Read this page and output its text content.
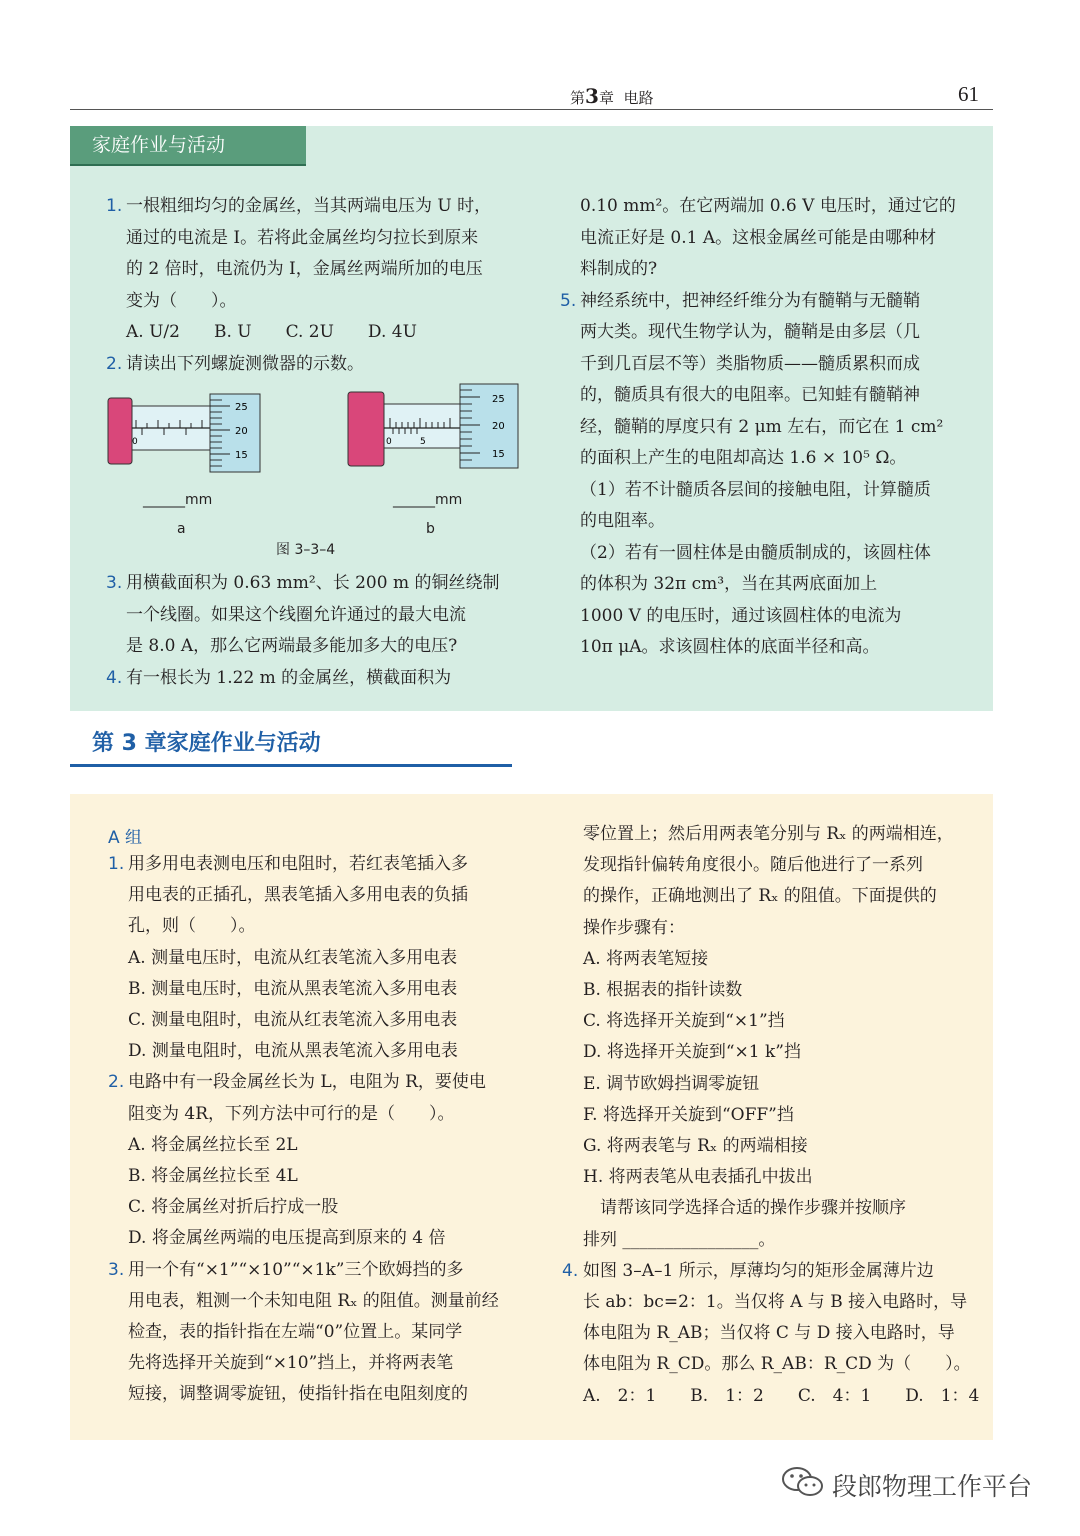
第3章 电路	61
家庭作业与活动
1. 一根粗细均匀的金属丝，当其两端电压为 U 时，
通过的电流是 I。若将此金属丝均匀拉长到原来
的 2 倍时，电流仍为 I，金属丝两端所加的电压
变为（　　）。
A. U/2　　B. U　　C. 2U　　D. 4U
2. 请读出下列螺旋测微器的示数。
3. 用横截面积为 0.63 mm²、长 200 m 的铜丝绕制
一个线圈。如果这个线圈允许通过的最大电流
是 8.0 A，那么它两端最多能加多大的电压?
4. 有一根长为 1.22 m 的金属丝，横截面积为
0.10 mm²。在它两端加 0.6 V 电压时，通过它的
电流正好是 0.1 A。这根金属丝可能是由哪种材
料制成的?
5. 神经系统中，把神经纤维分为有髓鞘与无髓鞘
两大类。现代生物学认为，髓鞘是由多层（几
千到几百层不等）类脂物质——髓质累积而成
的，髓质具有很大的电阻率。已知蛙有髓鞘神
经，髓鞘的厚度只有 2 μm 左右，而它在 1 cm²
的面积上产生的电阻却高达 1.6 × 10⁵ Ω。
（1）若不计髓质各层间的接触电阻，计算髓质
的电阻率。
（2）若有一圆柱体是由髓质制成的，该圆柱体
的体积为 32π cm³，当在其两底面加上
1000 V 的电压时，通过该圆柱体的电流为
10π μA。求该圆柱体的底面半径和高。
0
25
20
15
0	5
25
20
15
______mm	______mm
a	b
图 3–3–4
第 3 章家庭作业与活动
A 组
1. 用多用电表测电压和电阻时，若红表笔插入多
用电表的正插孔，黑表笔插入多用电表的负插
孔，则（　　）。
A. 测量电压时，电流从红表笔流入多用电表
B. 测量电压时，电流从黑表笔流入多用电表
C. 测量电阻时，电流从红表笔流入多用电表
D. 测量电阻时，电流从黑表笔流入多用电表
2. 电路中有一段金属丝长为 L，电阻为 R，要使电
阻变为 4R，下列方法中可行的是（　　）。
A. 将金属丝拉长至 2L
B. 将金属丝拉长至 4L
C. 将金属丝对折后拧成一股
D. 将金属丝两端的电压提高到原来的 4 倍
3. 用一个有“×1”“×10”“×1k”三个欧姆挡的多
用电表，粗测一个未知电阻 Rₓ 的阻值。测量前经
检查，表的指针指在左端“0”位置上。某同学
先将选择开关旋到“×10”挡上，并将两表笔
短接，调整调零旋钮，使指针指在电阻刻度的
零位置上；然后用两表笔分别与 Rₓ 的两端相连，
发现指针偏转角度很小。随后他进行了一系列
的操作，正确地测出了 Rₓ 的阻值。下面提供的
操作步骤有：
A. 将两表笔短接
B. 根据表的指针读数
C. 将选择开关旋到“×1”挡
D. 将选择开关旋到“×1 k”挡
E. 调节欧姆挡调零旋钮
F. 将选择开关旋到“OFF”挡
G. 将两表笔与 Rₓ 的两端相接
H. 将两表笔从电表插孔中拔出
　请帮该同学选择合适的操作步骤并按顺序
排列 ________________。
4. 如图 3–A–1 所示，厚薄均匀的矩形金属薄片边
长 ab：bc=2：1。当仅将 A 与 B 接入电路时，导
体电阻为 R_AB；当仅将 C 与 D 接入电路时，导
体电阻为 R_CD。那么 R_AB：R_CD 为（　　）。
A.　2：1　　B.　1：2　　C.　4：1　　D.　1：4
段郎物理工作平台
